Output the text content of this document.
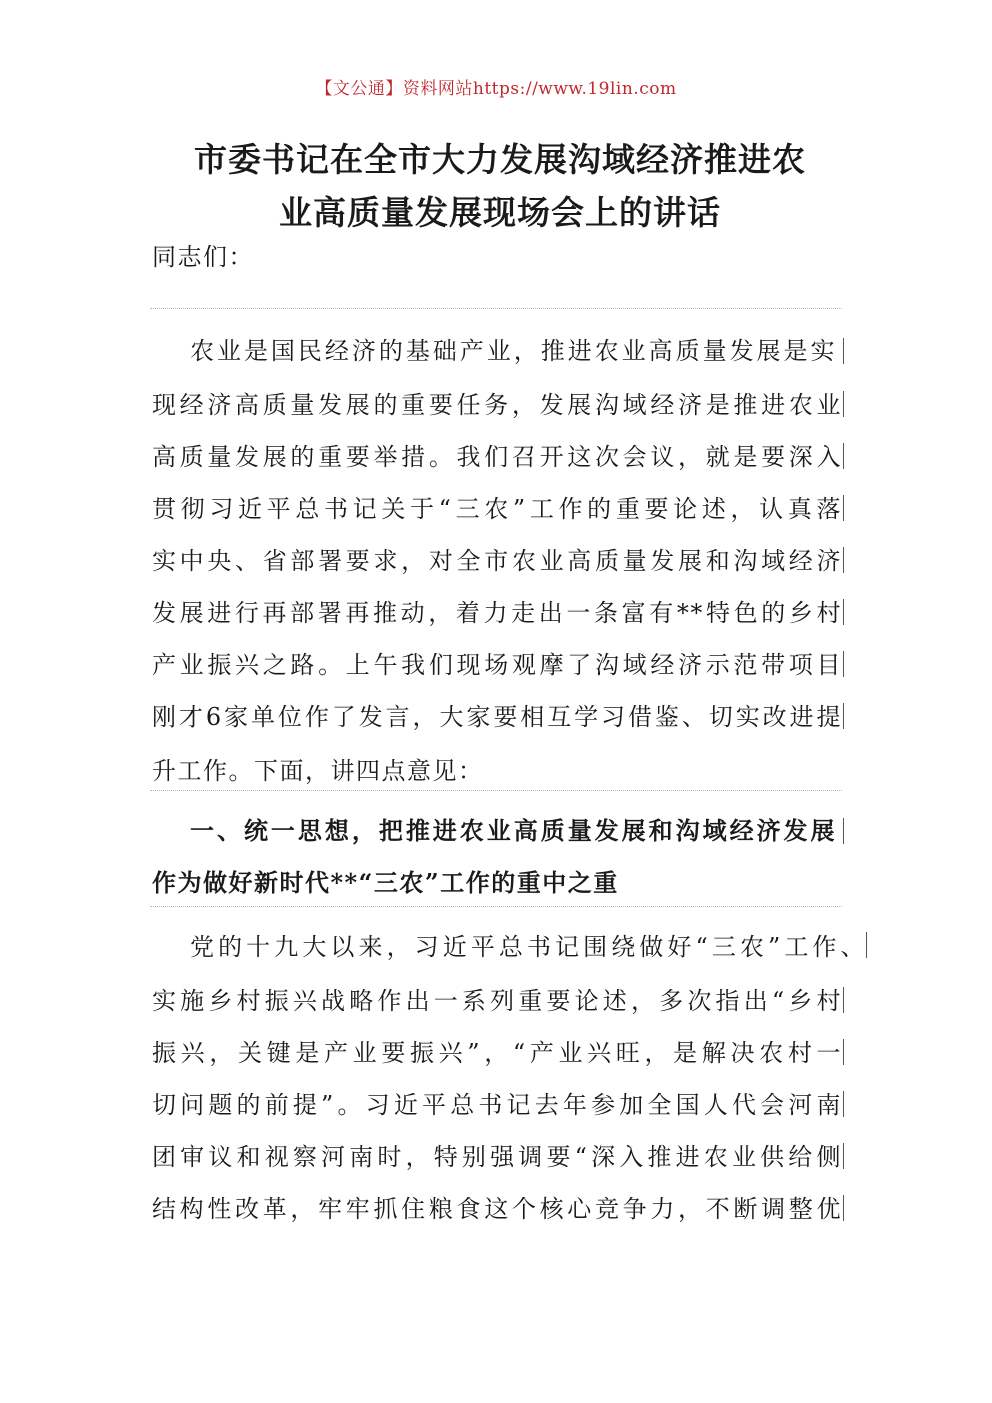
【文公通】资料网站https://www.19lin.com
市委书记在全市大力发展沟域经济推进农
业高质量发展现场会上的讲话
同志们：
农业是国民经济的基础产业，推进农业高质量发展是实
现经济高质量发展的重要任务，发展沟域经济是推进农业
高质量发展的重要举措。我们召开这次会议，就是要深入
贯彻习近平总书记关于“三农”工作的重要论述，认真落
实中央、省部署要求，对全市农业高质量发展和沟域经济
发展进行再部署再推动，着力走出一条富有**特色的乡村
产业振兴之路。上午我们现场观摩了沟域经济示范带项目
刚才6家单位作了发言，大家要相互学习借鉴、切实改进提
升工作。下面，讲四点意见：
一、统一思想，把推进农业高质量发展和沟域经济发展
作为做好新时代**“三农”工作的重中之重
党的十九大以来，习近平总书记围绕做好“三农”工作、
实施乡村振兴战略作出一系列重要论述，多次指出“乡村
振兴，关键是产业要振兴”，“产业兴旺，是解决农村一
切问题的前提”。习近平总书记去年参加全国人代会河南
团审议和视察河南时，特别强调要“深入推进农业供给侧
结构性改革，牢牢抓住粮食这个核心竞争力，不断调整优
